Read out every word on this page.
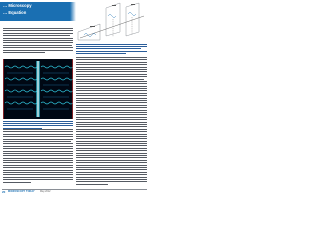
… Microscopy
… Equation
20 MICROSCOPY TODAY May 2012
